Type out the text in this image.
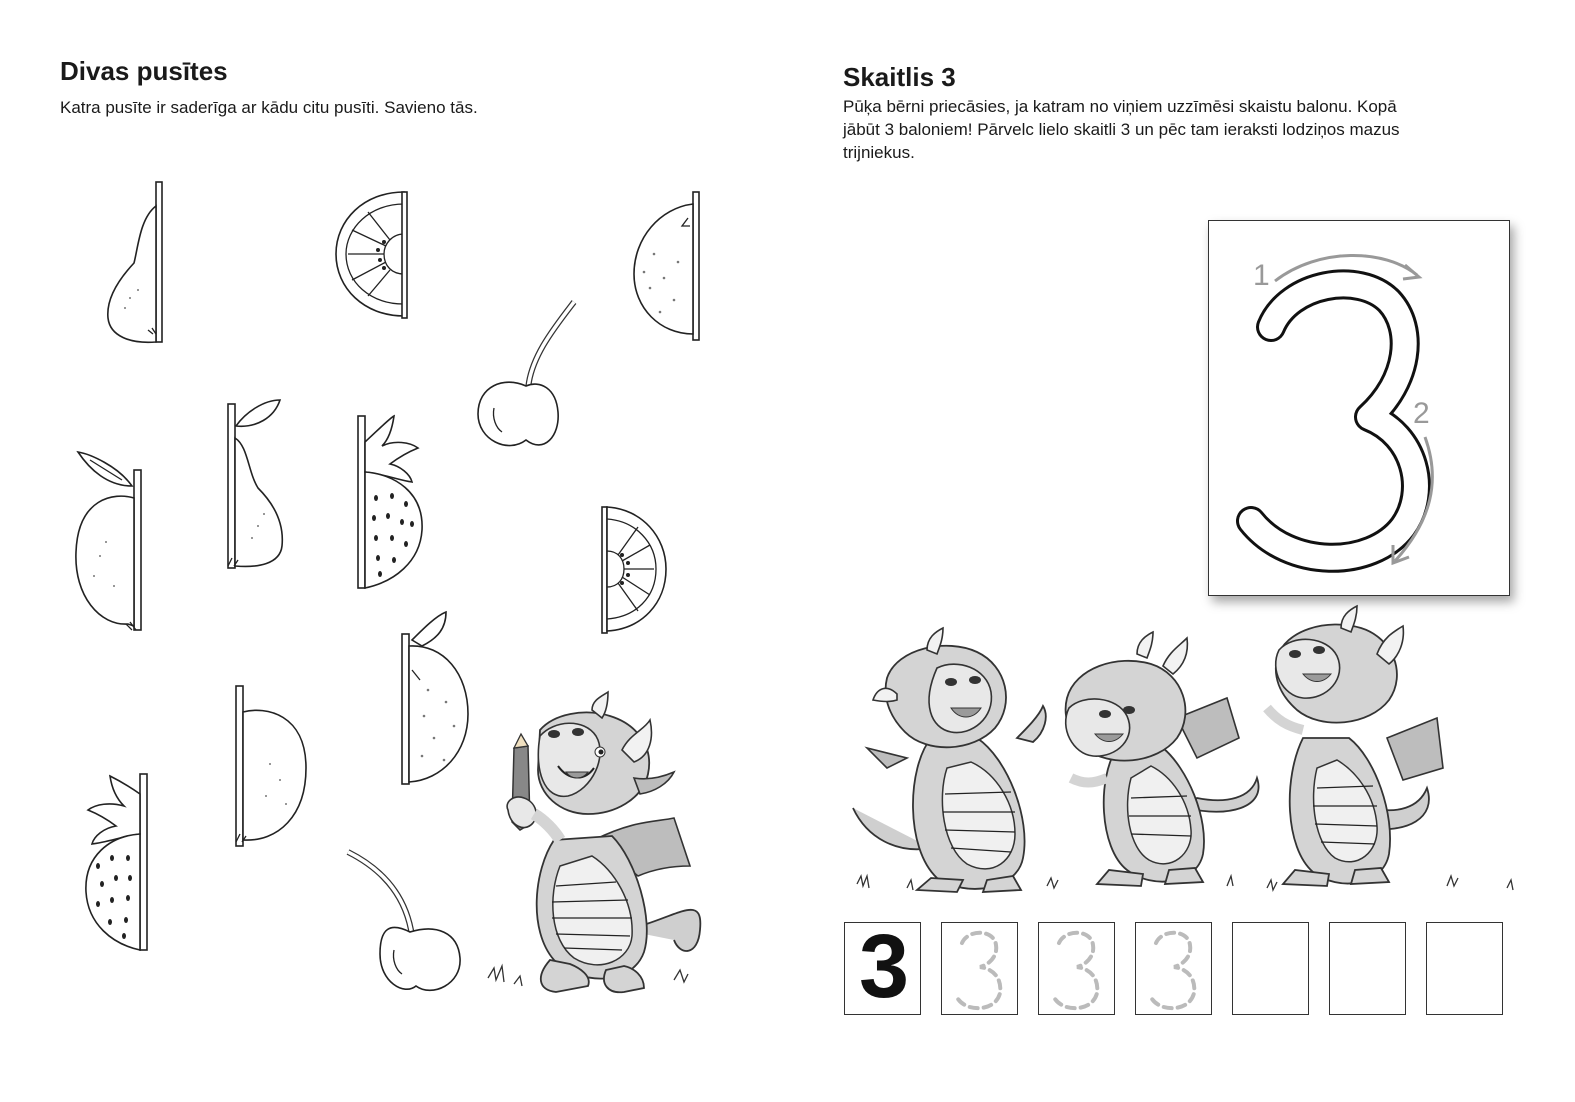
Divas pusītes

Katra pusīte ir saderīga ar kādu citu pusīti. Savieno tās.

Skaitlis 3

Pūķa bērni priecāsies, ja katram no viņiem uzzīmēsi skaistu balonu. Kopā
jābūt 3 baloniem! Pārvelc lielo skaitli 3 un pēc tam ieraksti lodziņos mazus
trijniekus.

1
2
3
